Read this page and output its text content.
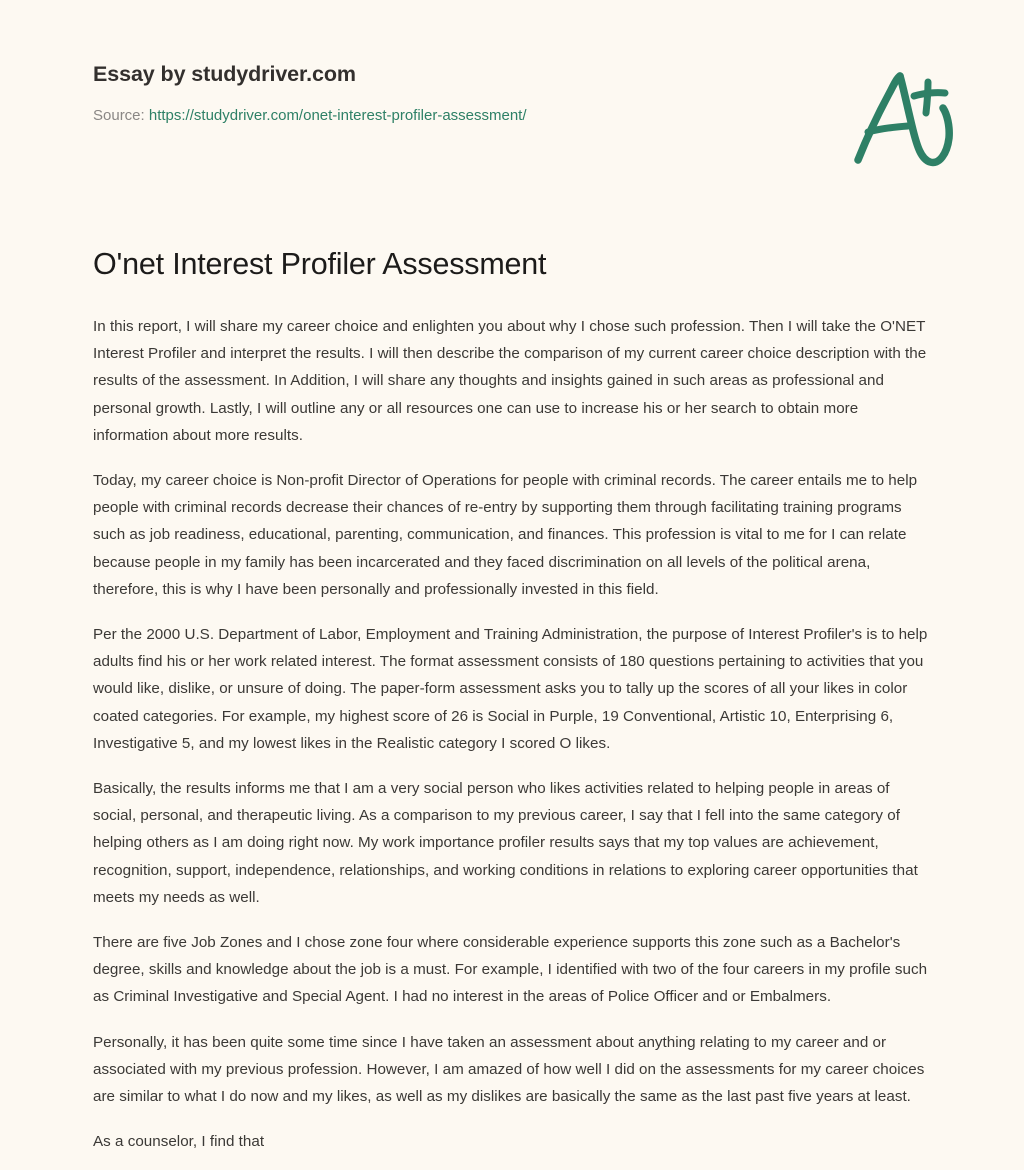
Essay by studydriver.com
Source: https://studydriver.com/onet-interest-profiler-assessment/
O'net Interest Profiler Assessment

In this report, I will share my career choice and enlighten you about why I chose such profession. Then I will take the O'NET Interest Profiler and interpret the results. I will then describe the comparison of my current career choice description with the results of the assessment. In Addition, I will share any thoughts and insights gained in such areas as professional and personal growth. Lastly, I will outline any or all resources one can use to increase his or her search to obtain more information about more results.

Today, my career choice is Non-profit Director of Operations for people with criminal records. The career entails me to help people with criminal records decrease their chances of re-entry by supporting them through facilitating training programs such as job readiness, educational, parenting, communication, and finances. This profession is vital to me for I can relate because people in my family has been incarcerated and they faced discrimination on all levels of the political arena, therefore, this is why I have been personally and professionally invested in this field.

Per the 2000 U.S. Department of Labor, Employment and Training Administration, the purpose of Interest Profiler's is to help adults find his or her work related interest. The format assessment consists of 180 questions pertaining to activities that you would like, dislike, or unsure of doing. The paper-form assessment asks you to tally up the scores of all your likes in color coated categories. For example, my highest score of 26 is Social in Purple, 19 Conventional, Artistic 10, Enterprising 6, Investigative 5, and my lowest likes in the Realistic category I scored O likes.

Basically, the results informs me that I am a very social person who likes activities related to helping people in areas of social, personal, and therapeutic living. As a comparison to my previous career, I say that I fell into the same category of helping others as I am doing right now. My work importance profiler results says that my top values are achievement, recognition, support, independence, relationships, and working conditions in relations to exploring career opportunities that meets my needs as well.

There are five Job Zones and I chose zone four where considerable experience supports this zone such as a Bachelor's degree, skills and knowledge about the job is a must. For example, I identified with two of the four careers in my profile such as Criminal Investigative and Special Agent. I had no interest in the areas of Police Officer and or Embalmers.

Personally, it has been quite some time since I have taken an assessment about anything relating to my career and or associated with my previous profession. However, I am amazed of how well I did on the assessments for my career choices are similar to what I do now and my likes, as well as my dislikes are basically the same as the last past five years at least.

As a counselor, I find that
